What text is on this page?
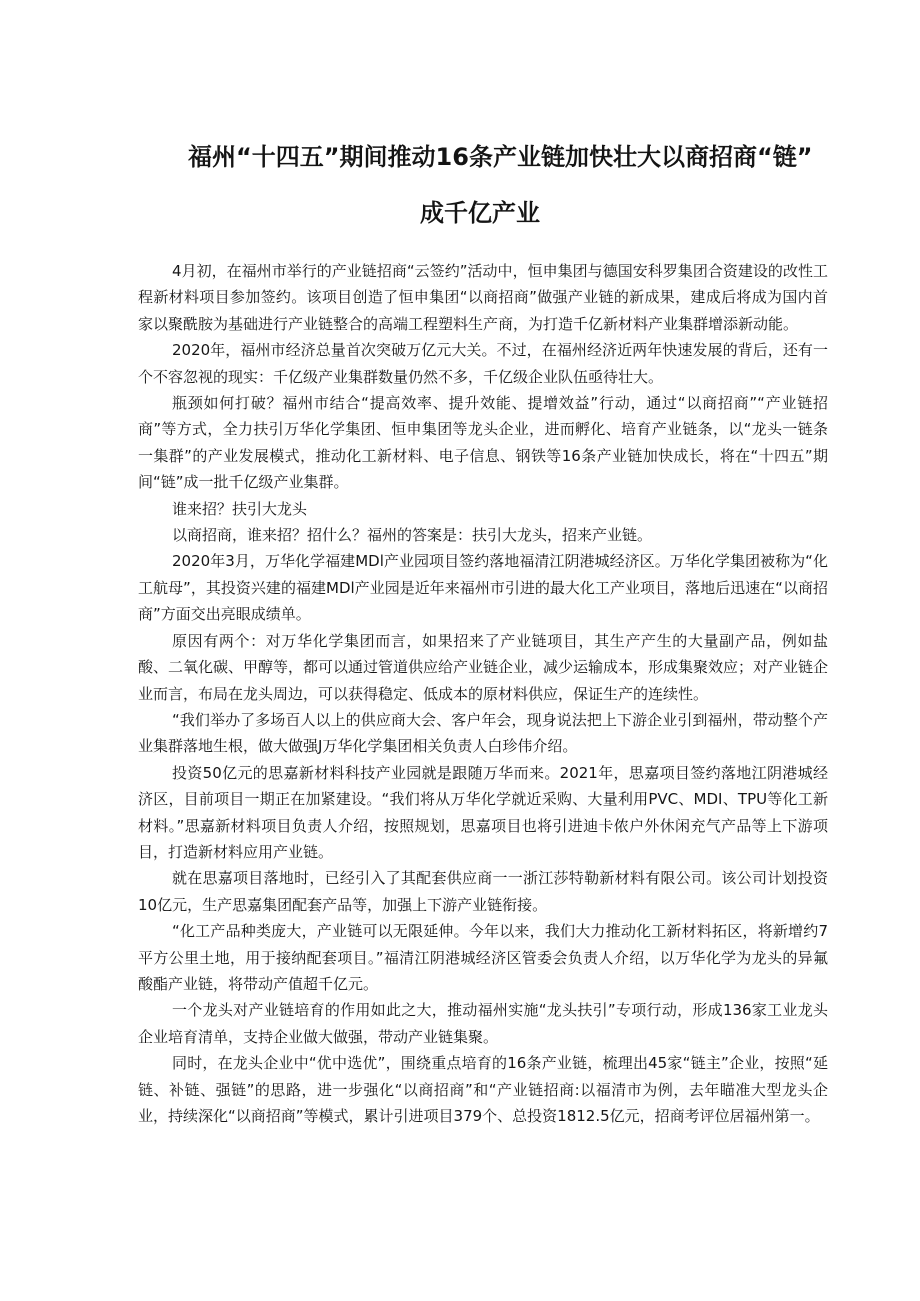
福州“十四五”期间推动16条产业链加快壮大以商招商“链”
成千亿产业

4月初，在福州市举行的产业链招商“云签约”活动中，恒申集团与德国安科罗集团合资建设的改性工程新材料项目参加签约。该项目创造了恒申集团“以商招商”做强产业链的新成果，建成后将成为国内首家以聚酰胺为基础进行产业链整合的高端工程塑料生产商，为打造千亿新材料产业集群增添新动能。

2020年，福州市经济总量首次突破万亿元大关。不过，在福州经济近两年快速发展的背后，还有一个不容忽视的现实：千亿级产业集群数量仍然不多，千亿级企业队伍亟待壮大。

瓶颈如何打破？福州市结合“提高效率、提升效能、提增效益”行动，通过“以商招商”“产业链招商”等方式，全力扶引万华化学集团、恒申集团等龙头企业，进而孵化、培育产业链条，以“龙头一链条一集群”的产业发展模式，推动化工新材料、电子信息、钢铁等16条产业链加快成长，将在“十四五”期间“链”成一批千亿级产业集群。

谁来招？扶引大龙头

以商招商，谁来招？招什么？福州的答案是：扶引大龙头，招来产业链。

2020年3月，万华化学福建MDl产业园项目签约落地福清江阴港城经济区。万华化学集团被称为“化工航母”，其投资兴建的福建MDl产业园是近年来福州市引进的最大化工产业项目，落地后迅速在“以商招商”方面交出亮眼成绩单。

原因有两个：对万华化学集团而言，如果招来了产业链项目，其生产产生的大量副产品，例如盐酸、二氧化碳、甲醇等，都可以通过管道供应给产业链企业，减少运输成本，形成集聚效应；对产业链企业而言，布局在龙头周边，可以获得稳定、低成本的原材料供应，保证生产的连续性。

“我们举办了多场百人以上的供应商大会、客户年会，现身说法把上下游企业引到福州，带动整个产业集群落地生根，做大做强J万华化学集团相关负责人白珍伟介绍。

投资50亿元的思嘉新材料科技产业园就是跟随万华而来。2021年，思嘉项目签约落地江阴港城经济区，目前项目一期正在加紧建设。“我们将从万华化学就近采购、大量利用PVC、MDI、TPU等化工新材料。”思嘉新材料项目负责人介绍，按照规划，思嘉项目也将引进迪卡侬户外休闲充气产品等上下游项目，打造新材料应用产业链。

就在思嘉项目落地时，已经引入了其配套供应商一一浙江莎特勒新材料有限公司。该公司计划投资10亿元，生产思嘉集团配套产品等，加强上下游产业链衔接。

“化工产品种类庞大，产业链可以无限延伸。今年以来，我们大力推动化工新材料拓区，将新增约7平方公里土地，用于接纳配套项目。”福清江阴港城经济区管委会负责人介绍，以万华化学为龙头的异氟酸酯产业链，将带动产值超千亿元。

一个龙头对产业链培育的作用如此之大，推动福州实施“龙头扶引”专项行动，形成136家工业龙头企业培育清单，支持企业做大做强，带动产业链集聚。

同时，在龙头企业中“优中选优”，围绕重点培育的16条产业链，梳理出45家“链主”企业，按照“延链、补链、强链”的思路，进一步强化“以商招商”和“产业链招商:以福清市为例，去年瞄准大型龙头企业，持续深化“以商招商”等模式，累计引进项目379个、总投资1812.5亿元，招商考评位居福州第一。
